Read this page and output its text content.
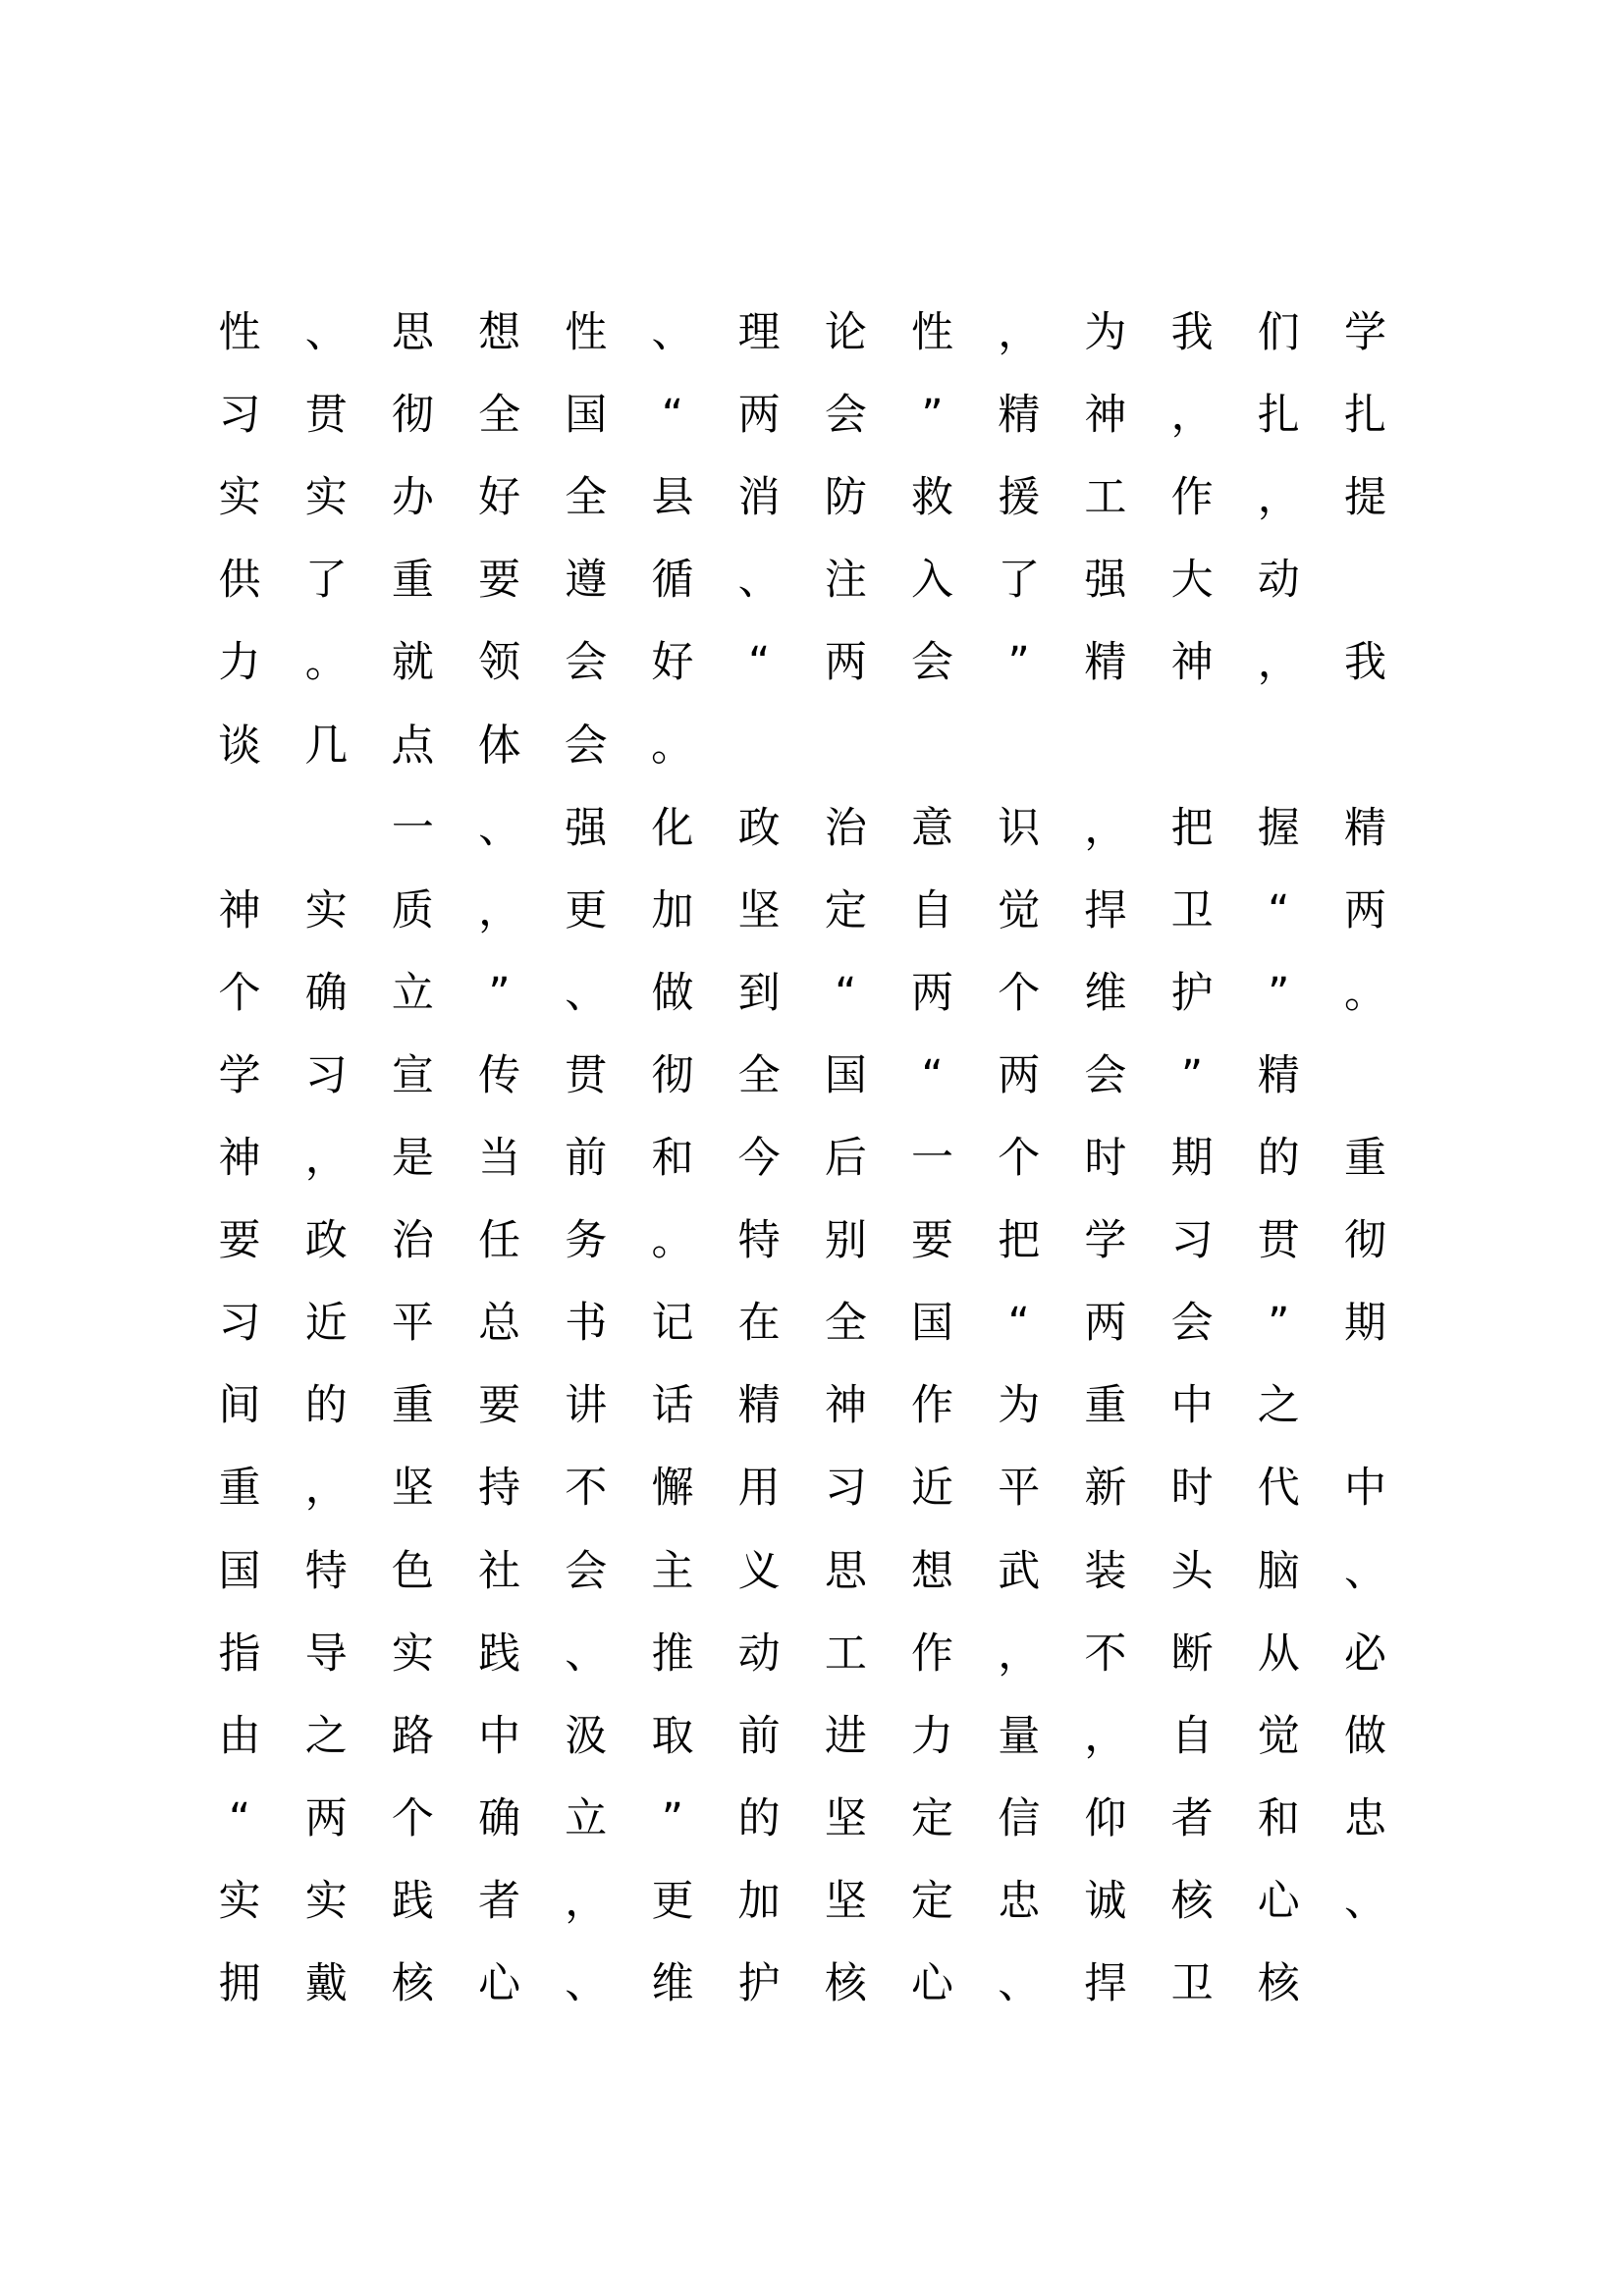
性 、 思 想 性 、 理 论 性 ， 为 我 们 学
习 贯 彻 全 国 “ 两 会 ” 精 神 ， 扎 扎
实 实 办 好 全 县 消 防 救 援 工 作 ， 提
供 了 重 要 遵 循 、 注 入 了 强 大 动
力 。 就 领 会 好 “ 两 会 ” 精 神 ， 我
谈几点体会。

一 、 强 化 政 治 意 识 ， 把 握 精
神 实 质 ， 更 加 坚 定 自 觉 捍 卫 “ 两
个 确 立 ” 、 做 到 “ 两 个 维 护 ” 。
学 习 宣 传 贯 彻 全 国 “ 两 会 ” 精
神 ， 是 当 前 和 今 后 一 个 时 期 的 重
要 政 治 任 务 。 特 别 要 把 学 习 贯 彻
习 近 平 总 书 记 在 全 国 “ 两 会 ” 期
间 的 重 要 讲 话 精 神 作 为 重 中 之
重 ， 坚 持 不 懈 用 习 近 平 新 时 代 中
国 特 色 社 会 主 义 思 想 武 装 头 脑 、
指 导 实 践 、 推 动 工 作 ， 不 断 从 必
由 之 路 中 汲 取 前 进 力 量 ， 自 觉 做
“ 两 个 确 立 ” 的 坚 定 信 仰 者 和 忠
实 实 践 者 ， 更 加 坚 定 忠 诚 核 心 、
拥 戴 核 心 、 维 护 核 心 、 捍 卫 核
